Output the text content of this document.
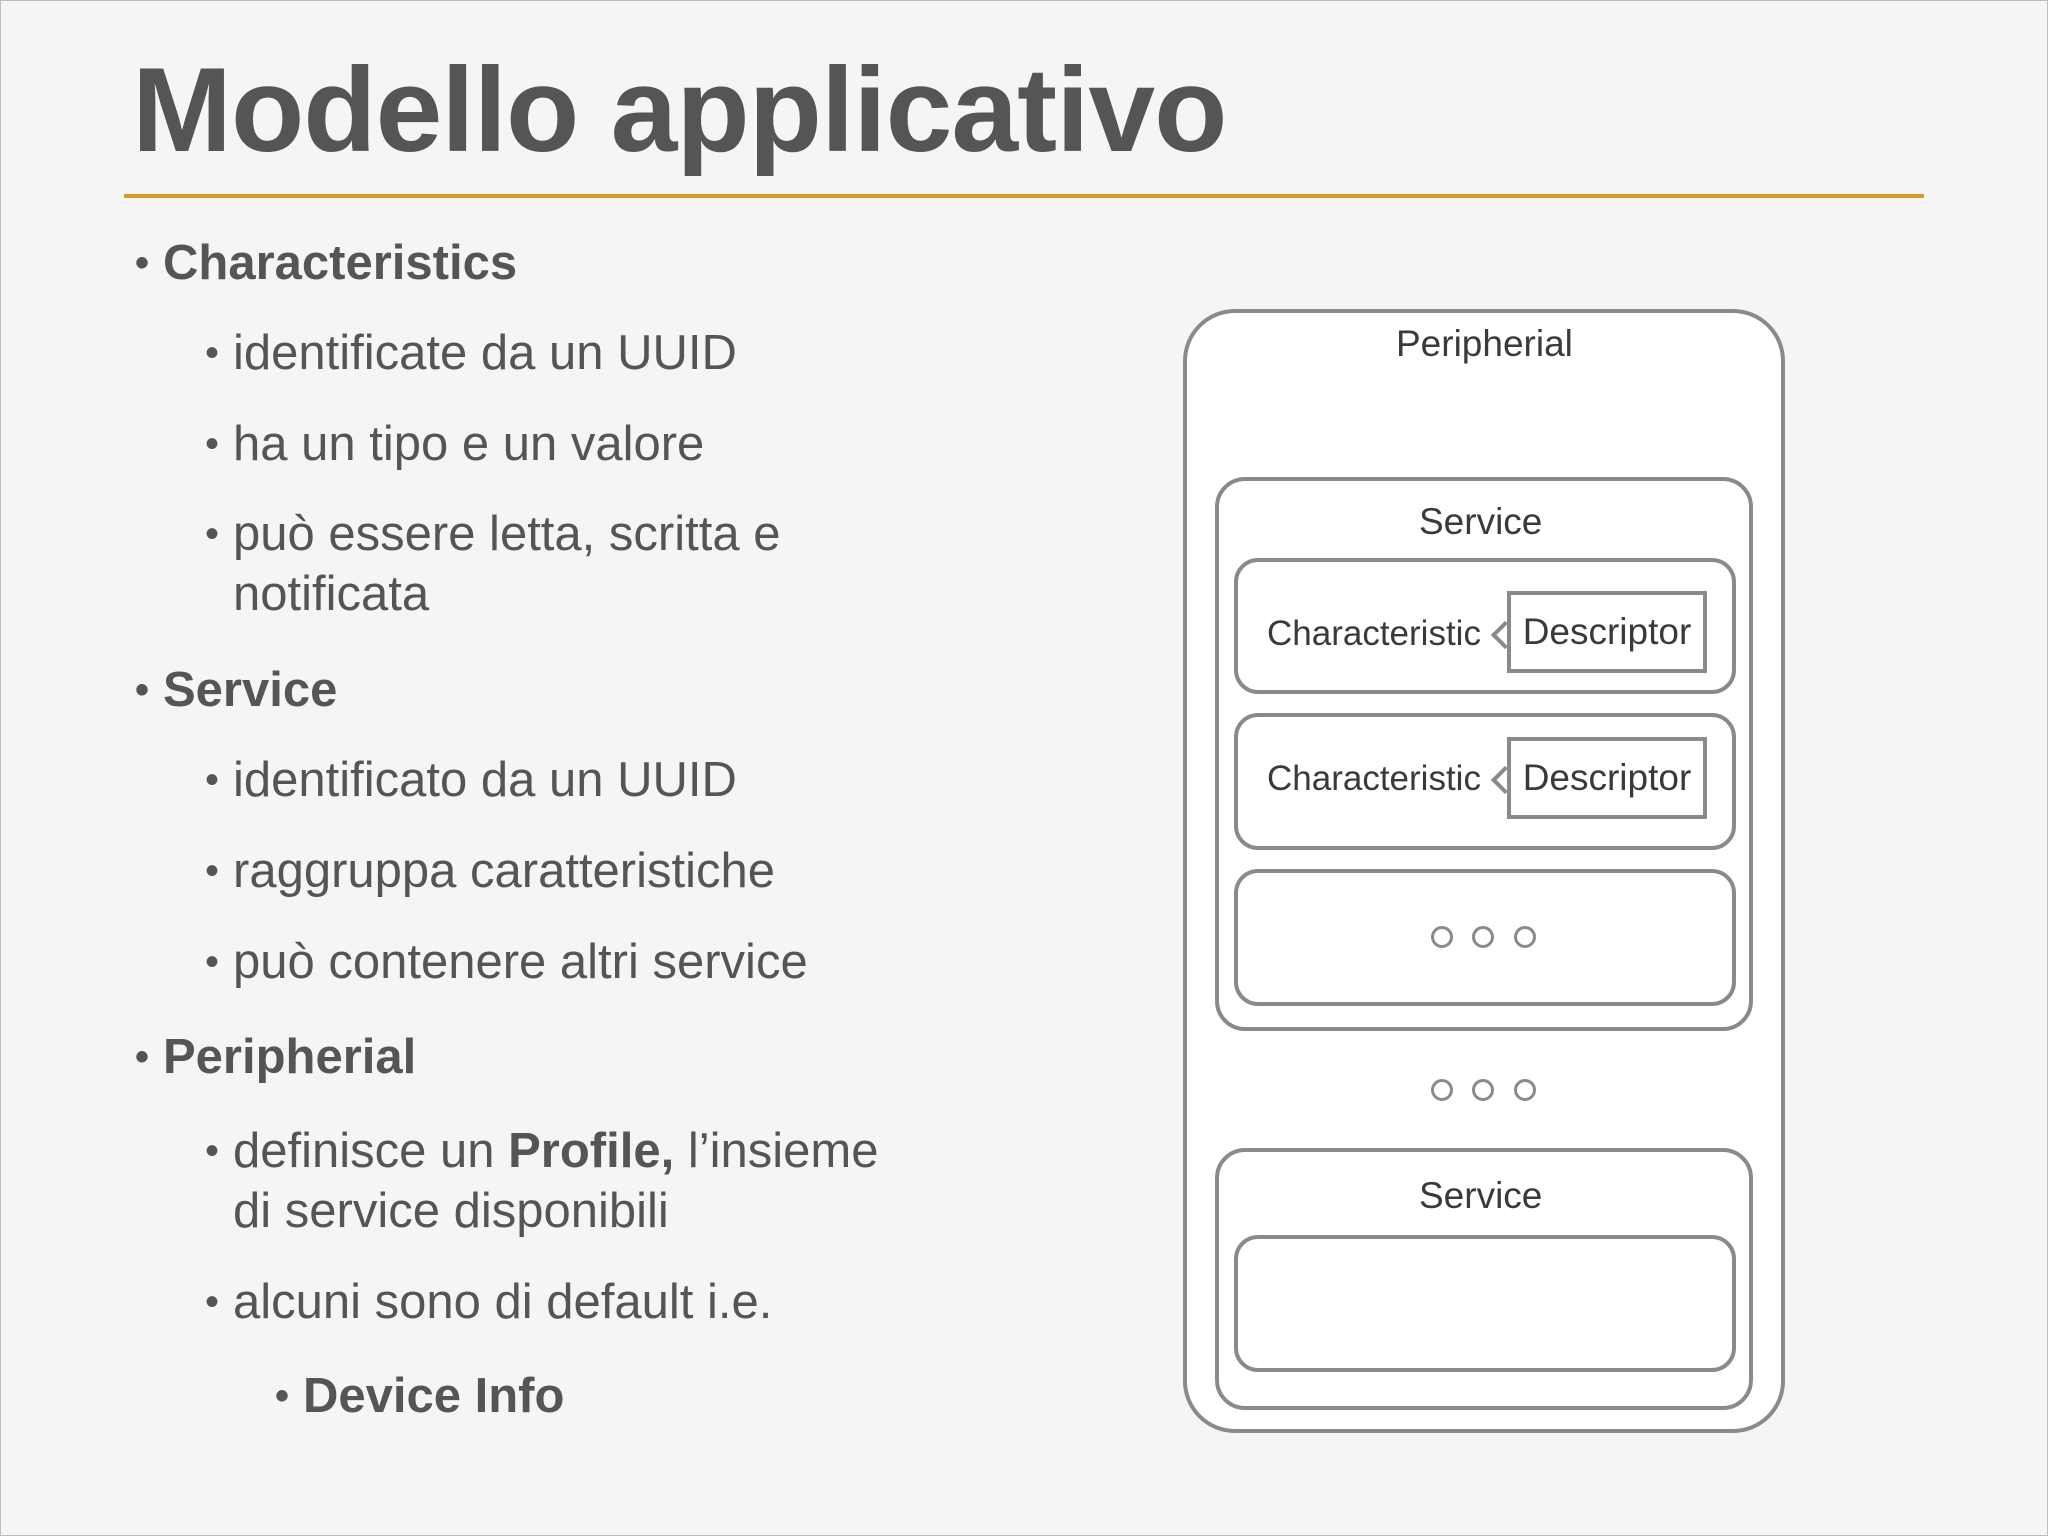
Modello applicativo
• Characteristics
• identificate da un UUID
• ha un tipo e un valore
• può essere letta, scritta e
notificata
• Service
• identificato da un UUID
• raggruppa caratteristiche
• può contenere altri service
• Peripherial
• definisce un Profile, l’insieme
di service disponibili
• alcuni sono di default i.e.
• Device Info
Peripherial
Service
Characteristic	Descriptor
Characteristic	Descriptor
Service
